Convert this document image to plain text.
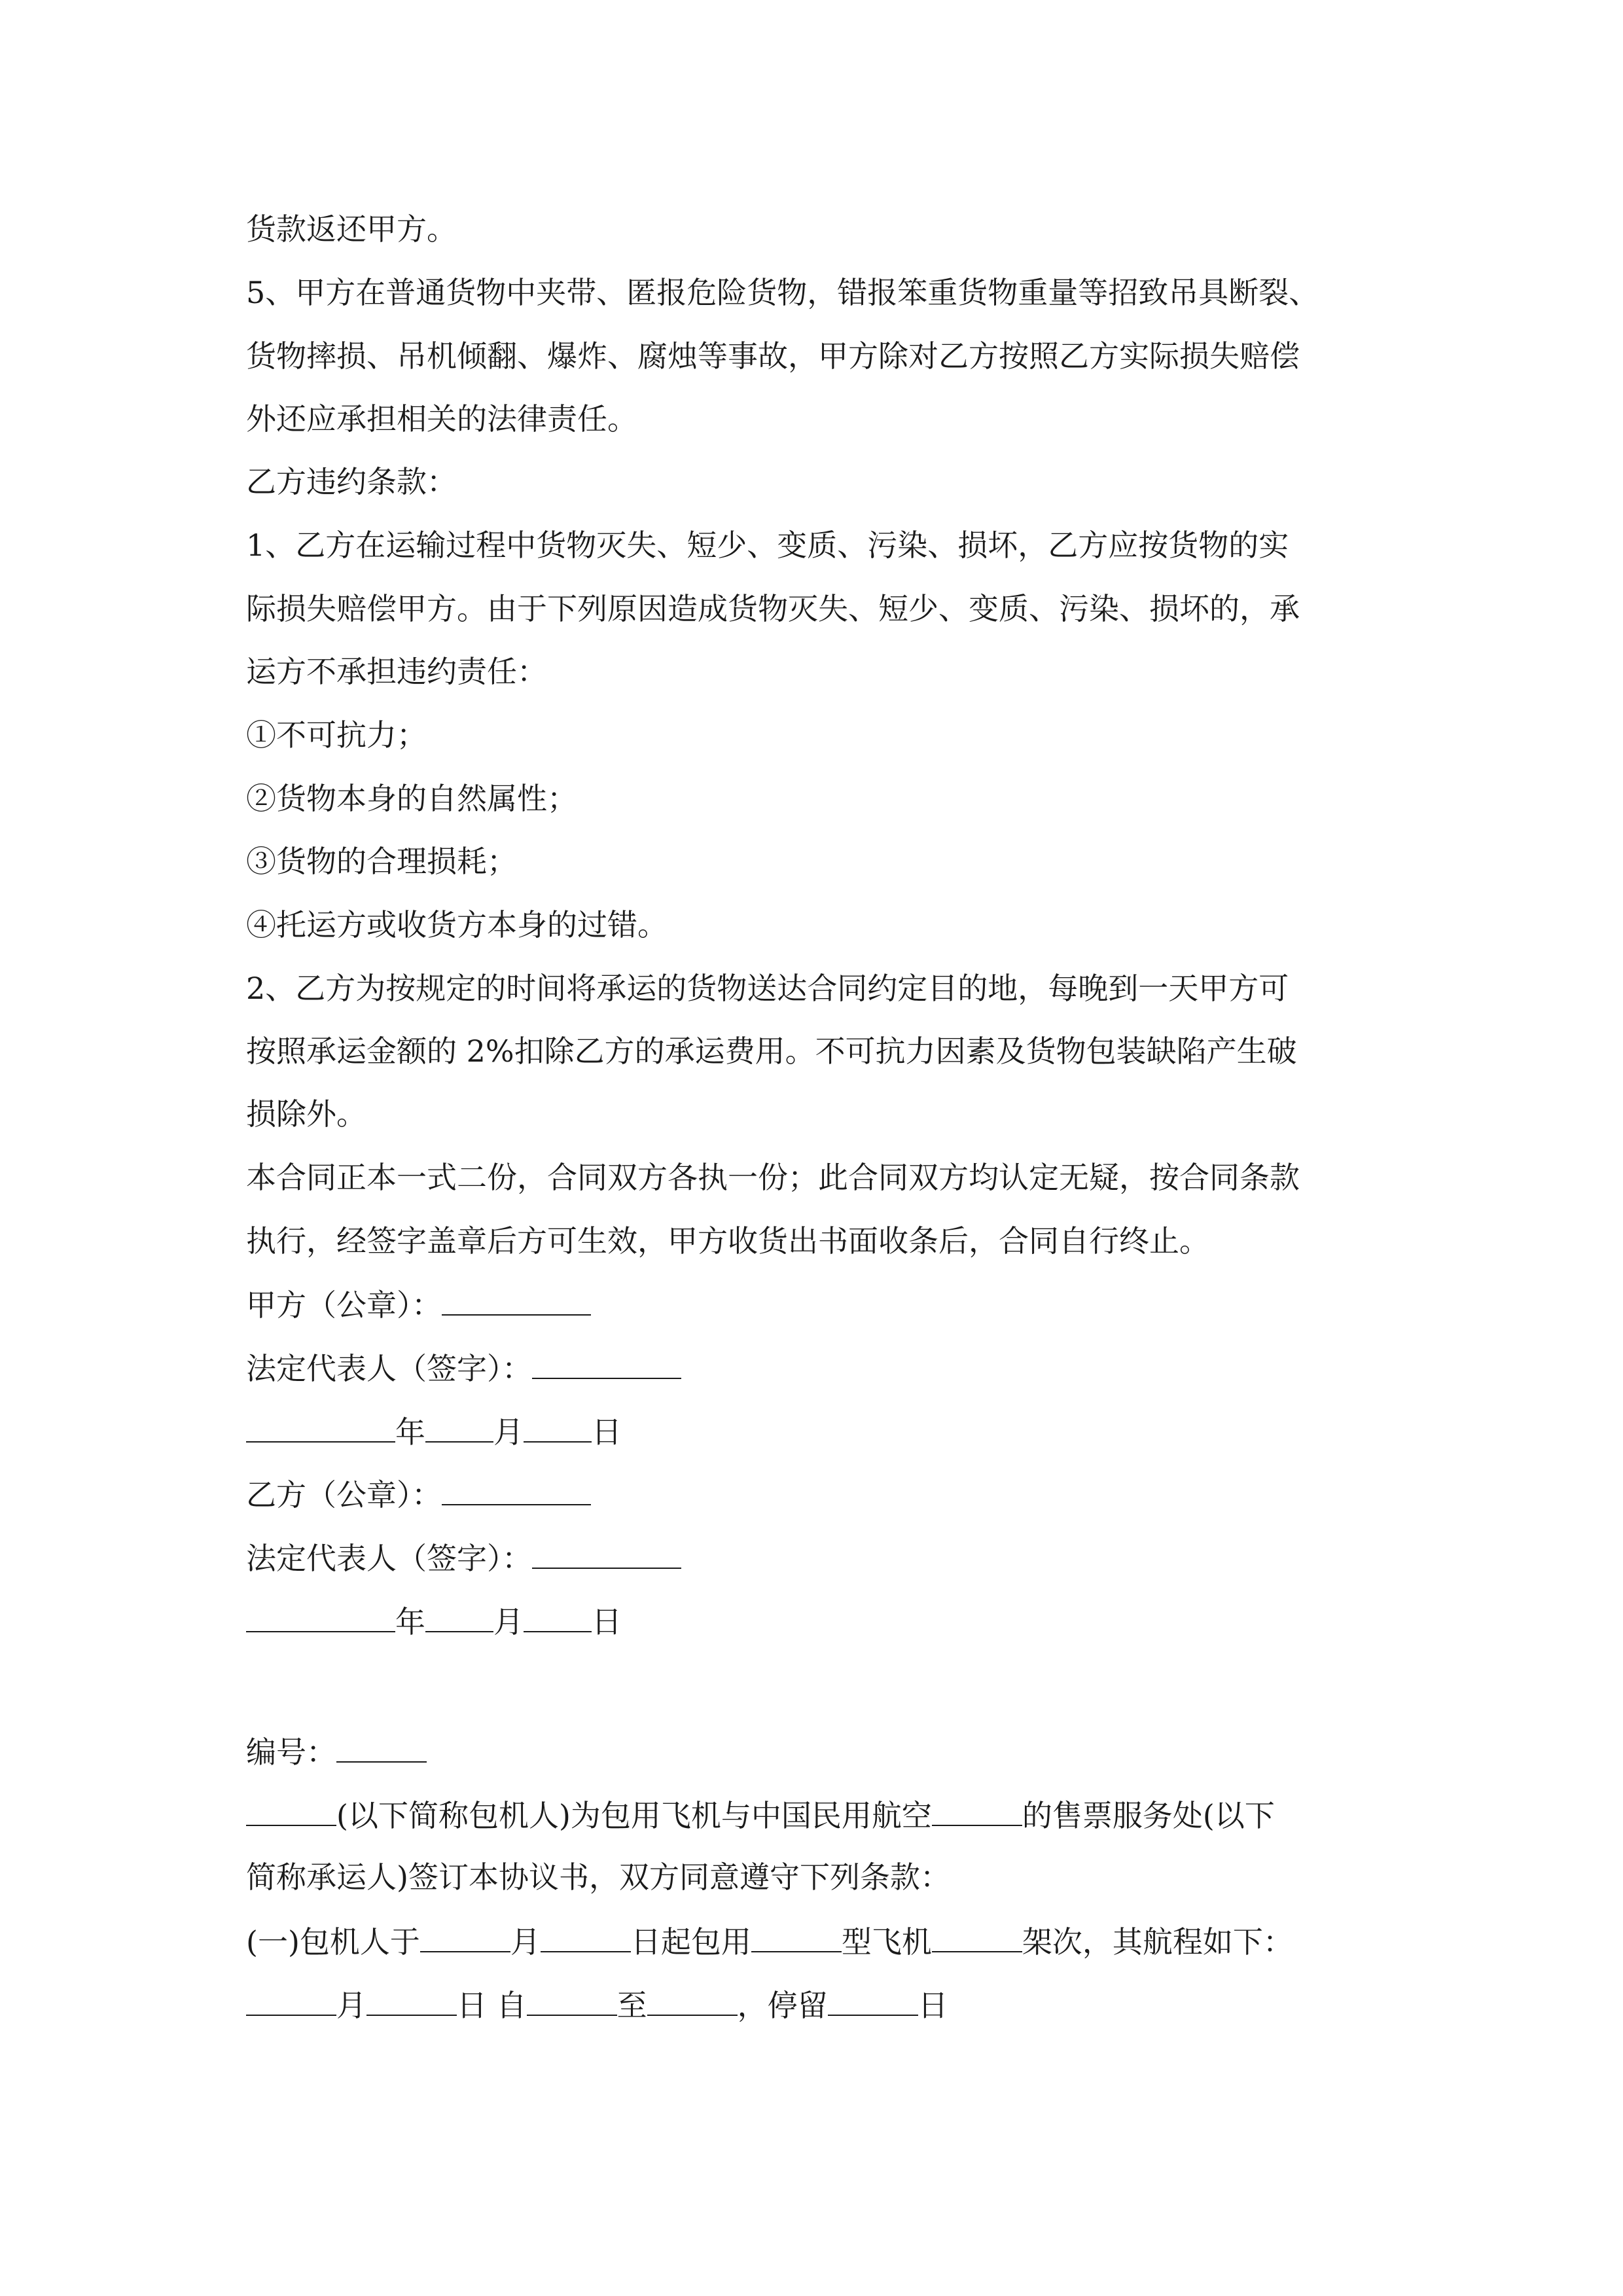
货款返还甲方。
5、甲方在普通货物中夹带、匿报危险货物，错报笨重货物重量等招致吊具断裂、
货物摔损、吊机倾翻、爆炸、腐烛等事故，甲方除对乙方按照乙方实际损失赔偿
外还应承担相关的法律责任。
乙方违约条款：
1、乙方在运输过程中货物灭失、短少、变质、污染、损坏，乙方应按货物的实
际损失赔偿甲方。由于下列原因造成货物灭失、短少、变质、污染、损坏的，承
运方不承担违约责任：
①不可抗力；
②货物本身的自然属性；
③货物的合理损耗；
④托运方或收货方本身的过错。
2、乙方为按规定的时间将承运的货物送达合同约定目的地，每晚到一天甲方可
按照承运金额的 2%扣除乙方的承运费用。不可抗力因素及货物包装缺陷产生破
损除外。
本合同正本一式二份，合同双方各执一份；此合同双方均认定无疑，按合同条款
执行，经签字盖章后方可生效，甲方收货出书面收条后，合同自行终止。
甲方（公章）：
法定代表人（签字）：
年 月 日
乙方（公章）：
法定代表人（签字）：
年 月 日
编号：
(以下简称包机人)为包用飞机与中国民用航空	的售票服务处(以下
简称承运人)签订本协议书，双方同意遵守下列条款：
(一)包机人于	月	日起包用	型飞机	架次，其航程如下：
月	日 自	至	，停留	日
